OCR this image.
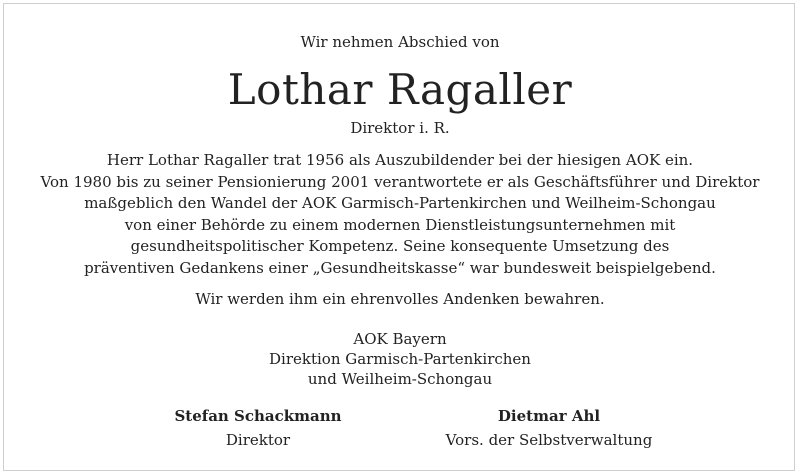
Wir nehmen Abschied von
Lothar Ragaller
Direktor i. R.
Herr Lothar Ragaller trat 1956 als Auszubildender bei der hiesigen AOK ein.
Von 1980 bis zu seiner Pensionierung 2001 verantwortete er als Geschäftsführer und Direktor
maßgeblich den Wandel der AOK Garmisch-Partenkirchen und Weilheim-Schongau
von einer Behörde zu einem modernen Dienstleistungsunternehmen mit
gesundheitspolitischer Kompetenz. Seine konsequente Umsetzung des
präventiven Gedankens einer „Gesundheitskasse“ war bundesweit beispielgebend.
Wir werden ihm ein ehrenvolles Andenken bewahren.
AOK Bayern
Direktion Garmisch-Partenkirchen
und Weilheim-Schongau
Stefan Schackmann
Direktor
Dietmar Ahl
Vors. der Selbstverwaltung
